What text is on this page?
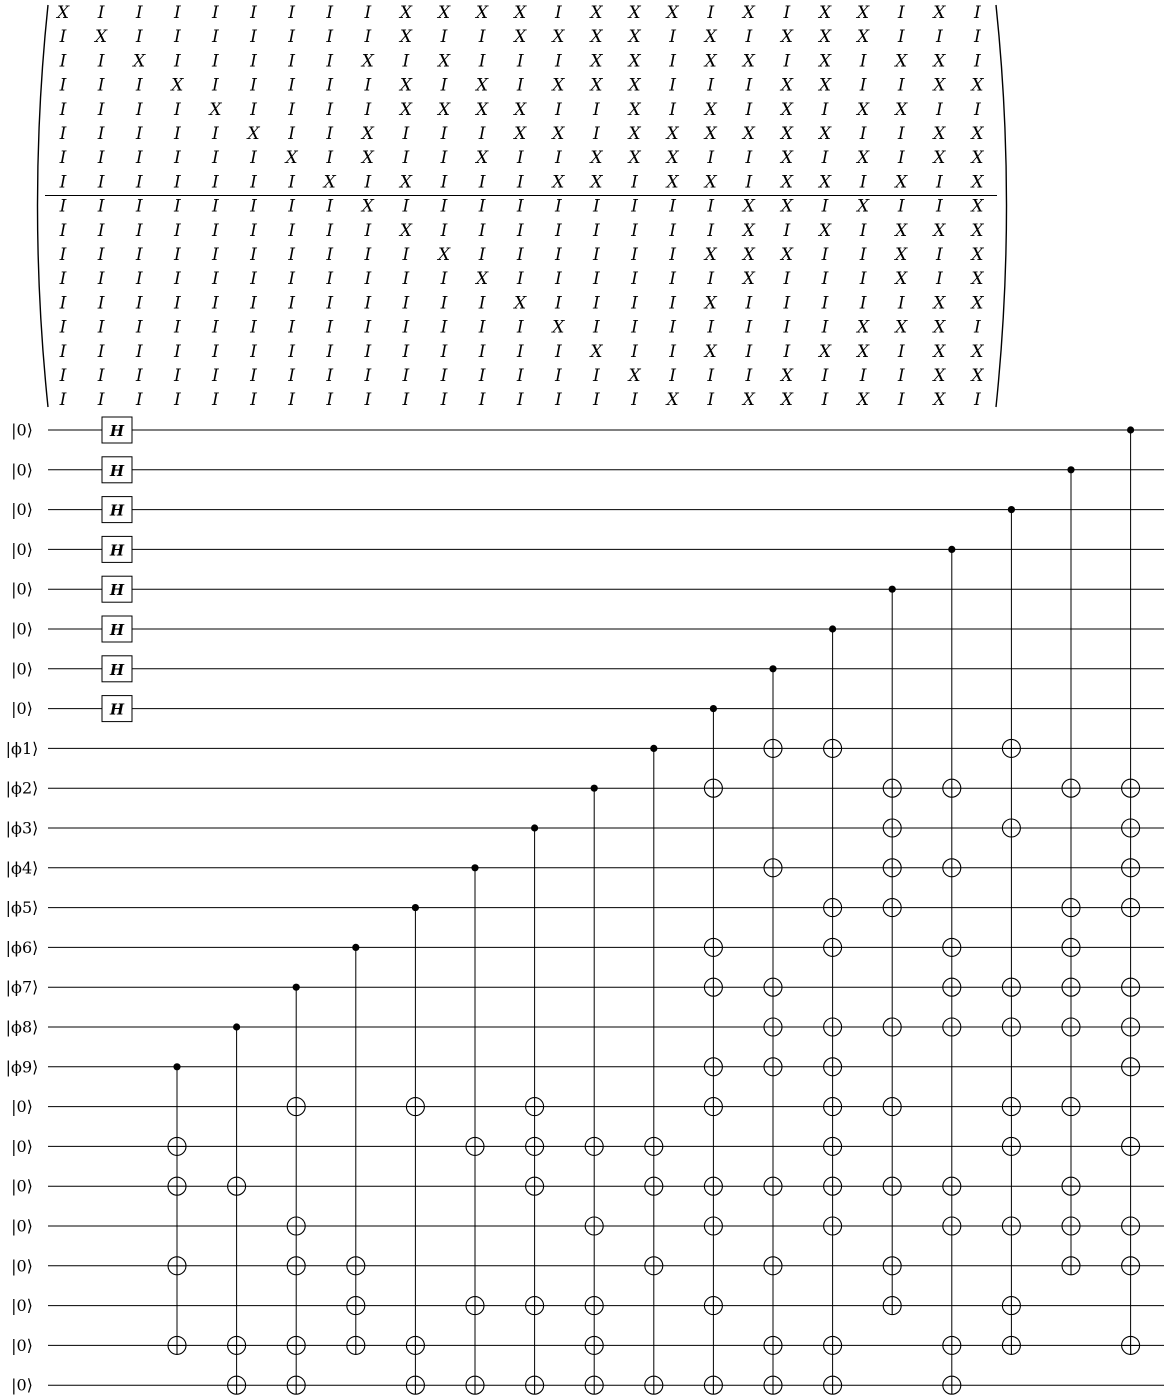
X I I I I I I I I X X X X I X X X I X I X X I X I
I X I I I I I I I X I I X X X X I X I X X X I I I
I I X I I I I I X I X I I I X X I X X I X I X X I
I I I X I I I I I X I X I X X X I I I X X I I X X
I I I I X I I I I X X X X I I X I X I X I X X I I
I I I I I X I I X I I I X X I X X X X X X I I X X
I I I I I I X I X I I X I I X X X I I X I X I X X
I I I I I I I X I X I I I X X I X X I X X I X I X
I I I I I I I I X I I I I I I I I I X X I X I I X
I I I I I I I I I X I I I I I I I I X I X I X X X
I I I I I I I I I I X I I I I I I X X X I I X I X
I I I I I I I I I I I X I I I I I I X I I I X I X
I I I I I I I I I I I I X I I I I X I I I I I X X
I I I I I I I I I I I I I X I I I I I I I X X X I
I I I I I I I I I I I I I I X I I X I I X X I X X
I I I I I I I I I I I I I I I X I I I X I I I X X
I I I I I I I I I I I I I I I I X I X X I X I X I
|0⟩
|0⟩
|0⟩
|0⟩
|0⟩
|0⟩
|0⟩
|0⟩
|ϕ1⟩
|ϕ2⟩
|ϕ3⟩
|ϕ4⟩
|ϕ5⟩
|ϕ6⟩
|ϕ7⟩
|ϕ8⟩
|ϕ9⟩
|0⟩
|0⟩
|0⟩
|0⟩
|0⟩
|0⟩
|0⟩
|0⟩
H
H
H
H
H
H
H
H
